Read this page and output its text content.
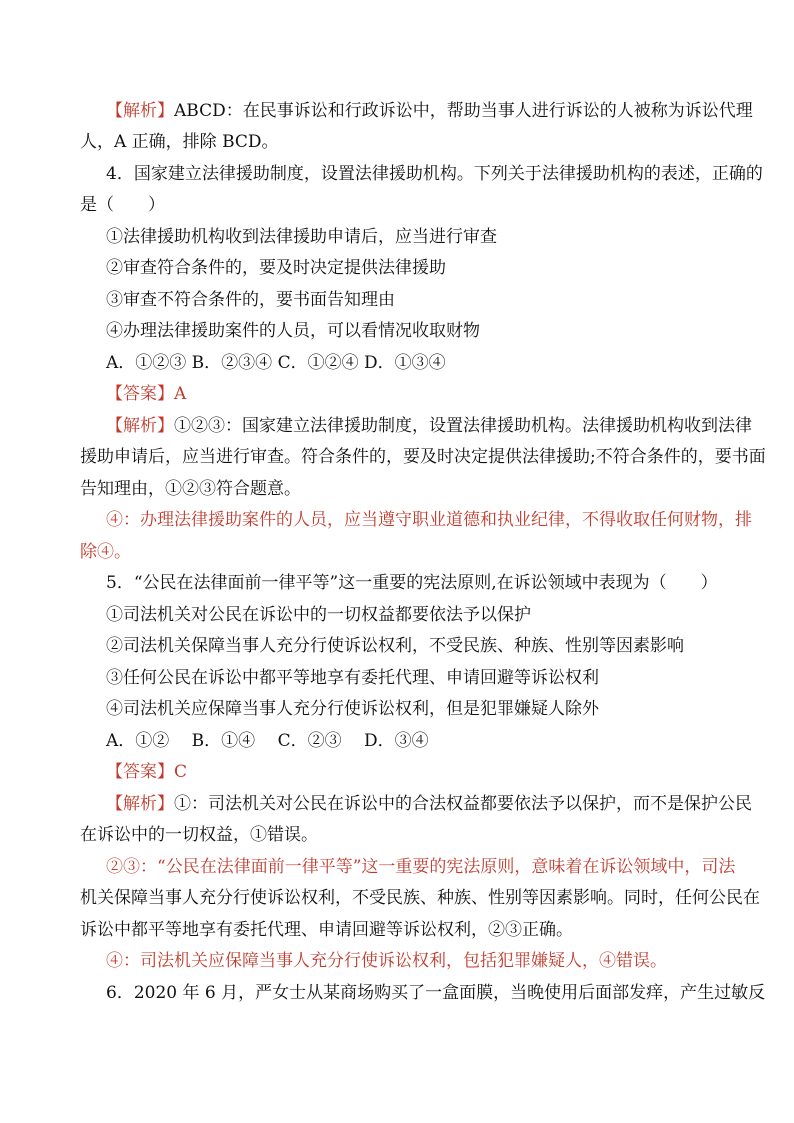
【解析】ABCD：在民事诉讼和行政诉讼中，帮助当事人进行诉讼的人被称为诉讼代理
人，A 正确，排除 BCD。
4．国家建立法律援助制度，设置法律援助机构。下列关于法律援助机构的表述，正确的
是（　　）
①法律援助机构收到法律援助申请后，应当进行审查
②审查符合条件的，要及时决定提供法律援助
③审查不符合条件的，要书面告知理由
④办理法律援助案件的人员，可以看情况收取财物
A．①②③ B．②③④ C．①②④ D．①③④
【答案】A
【解析】①②③：国家建立法律援助制度，设置法律援助机构。法律援助机构收到法律
援助申请后，应当进行审查。符合条件的，要及时决定提供法律援助;不符合条件的，要书面
告知理由，①②③符合题意。
④：办理法律援助案件的人员，应当遵守职业道德和执业纪律，不得收取任何财物，排
除④。
5．“公民在法律面前一律平等”这一重要的宪法原则,在诉讼领域中表现为（　　）
①司法机关对公民在诉讼中的一切权益都要依法予以保护
②司法机关保障当事人充分行使诉讼权利，不受民族、种族、性别等因素影响
③任何公民在诉讼中都平等地享有委托代理、申请回避等诉讼权利
④司法机关应保障当事人充分行使诉讼权利，但是犯罪嫌疑人除外
A．①②　 B．①④　 C．②③　 D．③④
【答案】C
【解析】①：司法机关对公民在诉讼中的合法权益都要依法予以保护，而不是保护公民
在诉讼中的一切权益，①错误。
②③：“公民在法律面前一律平等”这一重要的宪法原则，意味着在诉讼领域中，司法
机关保障当事人充分行使诉讼权利，不受民族、种族、性别等因素影响。同时，任何公民在
诉讼中都平等地享有委托代理、申请回避等诉讼权利，②③正确。
④：司法机关应保障当事人充分行使诉讼权利，包括犯罪嫌疑人，④错误。
6．2020 年 6 月，严女士从某商场购买了一盒面膜，当晚使用后面部发痒，产生过敏反
